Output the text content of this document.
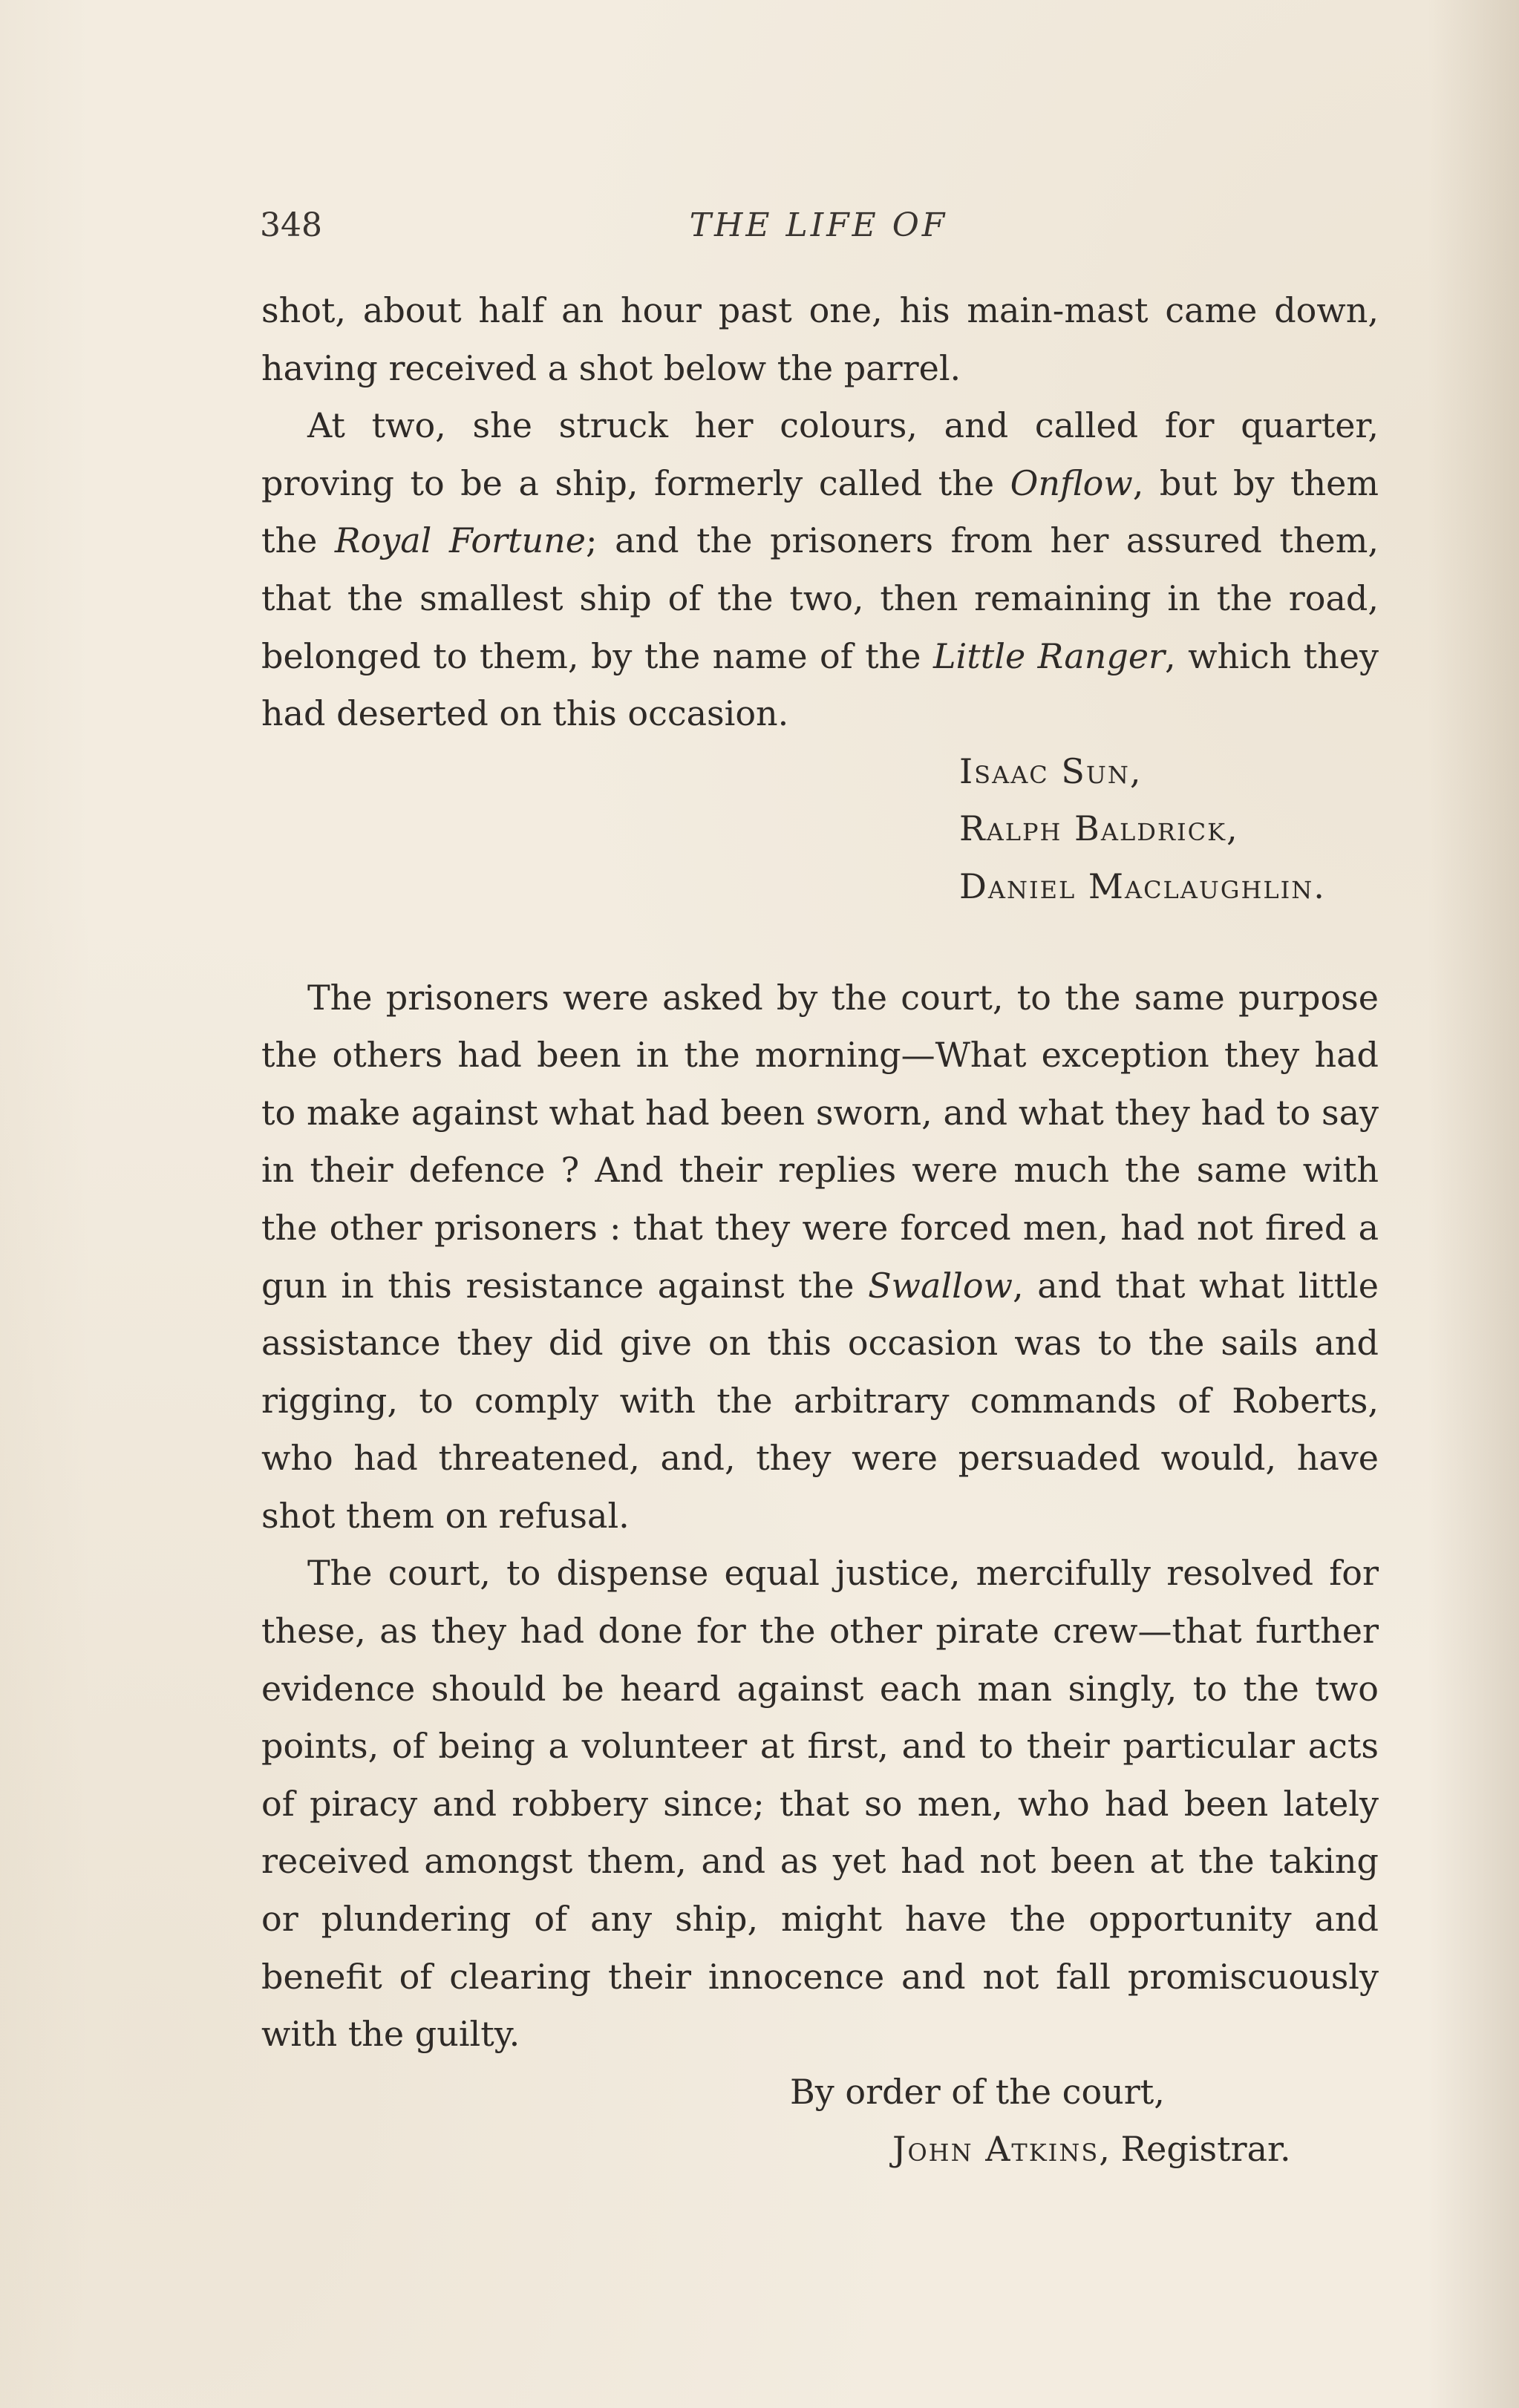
348	THE LIFE OF

shot, about half an hour past one, his main-mast came down, having received a shot below the parrel.

At two, she struck her colours, and called for quarter, proving to be a ship, formerly called the Onflow, but by them the Royal Fortune; and the prisoners from her assured them, that the smallest ship of the two, then remaining in the road, belonged to them, by the name of the Little Ranger, which they had deserted on this occasion.

Isaac Sun,
Ralph Baldrick,
Daniel Maclaughlin.

The prisoners were asked by the court, to the same purpose the others had been in the morning—What exception they had to make against what had been sworn, and what they had to say in their defence ? And their replies were much the same with the other prisoners : that they were forced men, had not fired a gun in this resistance against the Swallow, and that what little assistance they did give on this occasion was to the sails and rigging, to comply with the arbitrary commands of Roberts, who had threatened, and, they were persuaded would, have shot them on refusal.

The court, to dispense equal justice, mercifully resolved for these, as they had done for the other pirate crew—that further evidence should be heard against each man singly, to the two points, of being a volunteer at first, and to their particular acts of piracy and robbery since; that so men, who had been lately received amongst them, and as yet had not been at the taking or plundering of any ship, might have the opportunity and benefit of clearing their innocence and not fall promiscuously with the guilty.

By order of the court,
John Atkins, Registrar.
